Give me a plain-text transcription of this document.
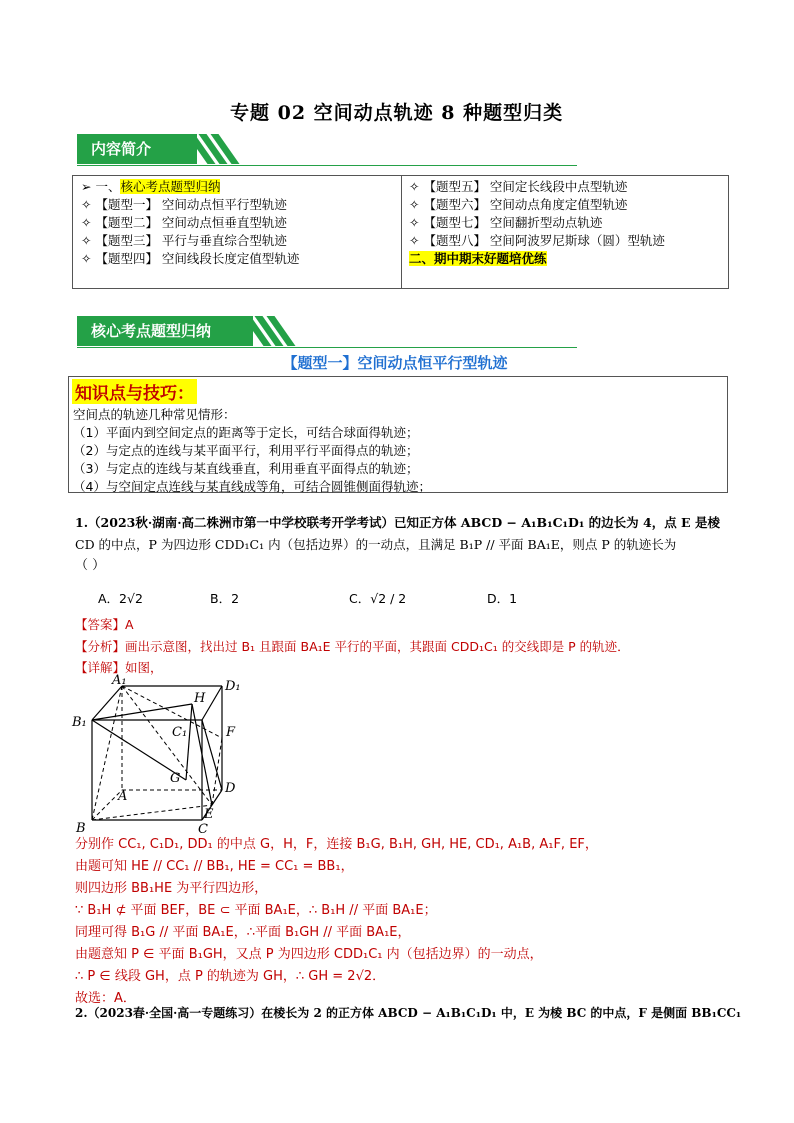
专题 02 空间动点轨迹 8 种题型归类
内容简介
➢ 一、核心考点题型归纳
✧ 【题型一】 空间动点恒平行型轨迹
✧ 【题型二】 空间动点恒垂直型轨迹
✧ 【题型三】 平行与垂直综合型轨迹
✧ 【题型四】 空间线段长度定值型轨迹
✧ 【题型五】 空间定长线段中点型轨迹
✧ 【题型六】 空间动点角度定值型轨迹
✧ 【题型七】 空间翻折型动点轨迹
✧ 【题型八】 空间阿波罗尼斯球（圆）型轨迹
二、期中期末好题培优练
核心考点题型归纳
【题型一】空间动点恒平行型轨迹
知识点与技巧：
空间点的轨迹几种常见情形：
（1）平面内到空间定点的距离等于定长，可结合球面得轨迹；
（2）与定点的连线与某平面平行，利用平行平面得点的轨迹；
（3）与定点的连线与某直线垂直，利用垂直平面得点的轨迹；
（4）与空间定点连线与某直线成等角，可结合圆锥侧面得轨迹；
1.（2023秋·湖南·高二株洲市第一中学校联考开学考试）已知正方体 ABCD − A₁B₁C₁D₁ 的边长为 4，点 E 是棱
CD 的中点，P 为四边形 CDD₁C₁ 内（包括边界）的一动点，且满足 B₁P // 平面 BA₁E，则点 P 的轨迹长为
（ ）
A．2√2	B．2	C．√2 / 2	D．1
【答案】A
【分析】画出示意图，找出过 B₁ 且跟面 BA₁E 平行的平面，其跟面 CDD₁C₁ 的交线即是 P 的轨迹．
【详解】如图，
A₁
H
D₁
B₁
C₁	F
G
A
D
E
B	C
分别作 CC₁, C₁D₁, DD₁ 的中点 G，H，F，连接 B₁G, B₁H, GH, HE, CD₁, A₁B, A₁F, EF，
由题可知 HE // CC₁ // BB₁, HE = CC₁ = BB₁，
则四边形 BB₁HE 为平行四边形，
∵ B₁H ⊄ 平面 BEF，BE ⊂ 平面 BA₁E，∴ B₁H // 平面 BA₁E；
同理可得 B₁G // 平面 BA₁E，∴平面 B₁GH // 平面 BA₁E，
由题意知 P ∈ 平面 B₁GH，又点 P 为四边形 CDD₁C₁ 内（包括边界）的一动点，
∴ P ∈ 线段 GH，点 P 的轨迹为 GH，∴ GH = 2√2．
故选：A．
2.（2023春·全国·高一专题练习）在棱长为 2 的正方体 ABCD − A₁B₁C₁D₁ 中，E 为棱 BC 的中点，F 是侧面 BB₁CC₁
